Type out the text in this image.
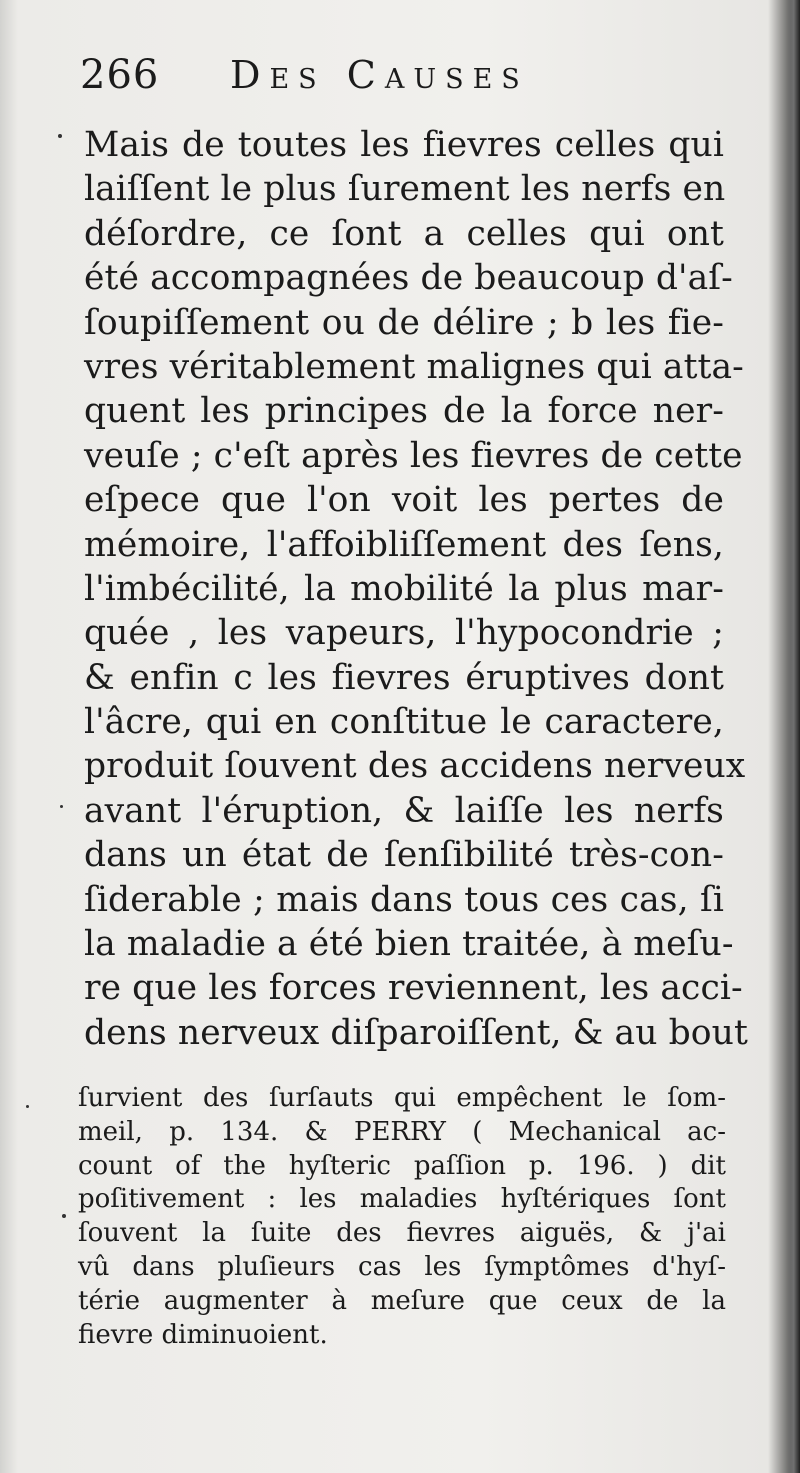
266 Des Causes
Mais de toutes les fievres celles qui
laiſſent le plus ſurement les nerfs en
déſordre, ce ſont a celles qui ont
été accompagnées de beaucoup d'aſ-
ſoupiſſement ou de délire ; b les fie-
vres véritablement malignes qui atta-
quent les principes de la force ner-
veuſe ; c'eſt après les fievres de cette
eſpece que l'on voit les pertes de
mémoire, l'affoibliſſement des ſens,
l'imbécilité, la mobilité la plus mar-
quée , les vapeurs, l'hypocondrie ;
& enfin c les fievres éruptives dont
l'âcre, qui en conſtitue le caractere,
produit ſouvent des accidens nerveux
avant l'éruption, & laiſſe les nerfs
dans un état de ſenſibilité très-con-
ſiderable ; mais dans tous ces cas, ſi
la maladie a été bien traitée, à meſu-
re que les forces reviennent, les acci-
dens nerveux diſparoiſſent, & au bout
ſurvient des ſurſauts qui empêchent le ſom-
meil, p. 134. & PERRY ( Mechanical ac-
count of the hyſteric paſſion p. 196. ) dit
poſitivement : les maladies hyſtériques ſont
ſouvent la ſuite des fievres aiguës, & j'ai
vû dans pluſieurs cas les ſymptômes d'hyſ-
térie augmenter à meſure que ceux de la
fievre diminuoient.
